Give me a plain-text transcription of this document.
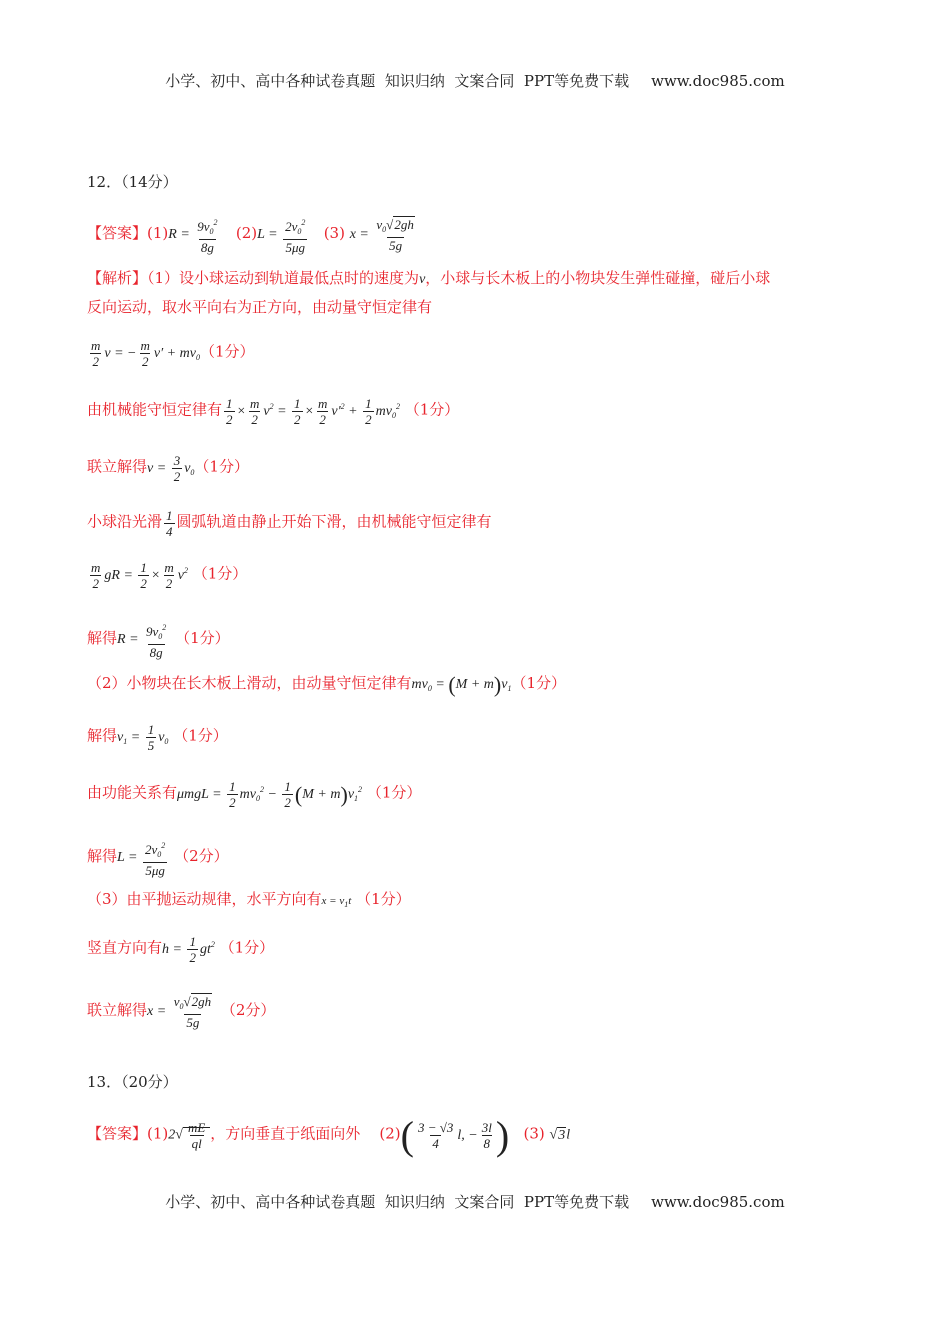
小学、初中、高中各种试卷真题  知识归纳  文案合同  PPT等免费下载 www.doc985.com
12．（14分）
【答案】$(1)R = \frac{9v_0^2}{8g} (2)L = \frac{2v_0^2}{5\mu g} (3) x = \frac{v_0√2gh}{5g}$
【解析】（1）设小球运动到轨道最低点时的速度为v，小球与长木板上的小物块发生弹性碰撞，碰后小球
反向运动，取水平向右为正方向，由动量守恒定律有
$\frac{m}{2}$ v = − $\frac{m}{2} v' + mv_0(1$分）
由机械能守恒定律有 $\frac{1}{2} \times \frac{m}{2} v^2 = \frac{1}{2} \times \frac{m}{2} v'^2 + \frac{1}{2} mv_0^2$ （1分）
联立解得$v = \frac{3}{2} v_0(1$分）
小球沿光滑 $\frac{1}{4}$ 圆弧轨道由静止开始下滑，由机械能守恒定律有
$\frac{m}{2}$ gR = $\frac{1}{2} \times \frac{m}{2} v^2$ （1分）
解得$R = \frac{9v_0^2}{8g} (1$分）
（2）小物块在长木板上滑动，由动量守恒定律有$mv_0 = (M + m)v_1(1$分）
解得$v_1 = \frac{1}{5} v_0$ （1分）
由功能关系有$\mu mgL = \frac{1}{2} mv_0^2 - \frac{1}{2} (M + m)v_1^2$ （1分）
解得$L = \frac{2v_0^2}{5\mu g} (2$分）
（3）由平抛运动规律，水平方向有$x = v_1t$ （1分）
竖直方向有$h = \frac{1}{2} gt^2$ （1分）
联立解得$x = \frac{v_0√2gh}{5g} (2$分）
13．（20分）
【答案】$(1)2√ \frac{mE}{ql}$ ，方向垂直于纸面向外 $(2)( \frac{3 - √3}{4} l$, − $\frac{3l}{8}$ ) (3) √3l
小学、初中、高中各种试卷真题  知识归纳  文案合同  PPT等免费下载 www.doc985.com
